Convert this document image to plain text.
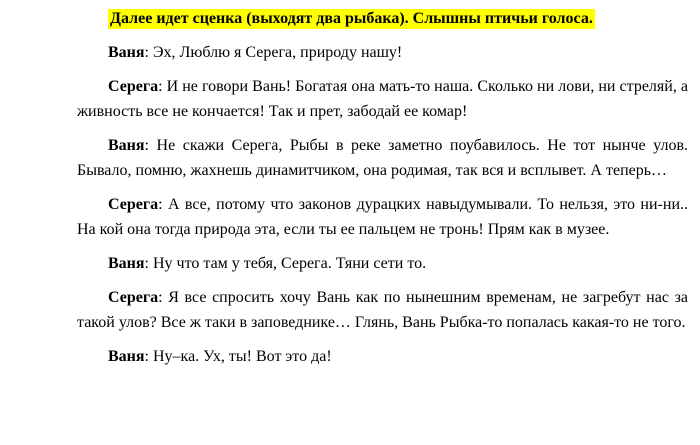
Далее идет сценка (выходят два рыбака). Слышны птичьи голоса.

Ваня: Эх, Люблю я Серега, природу нашу!

Серега: И не говори Вань! Богатая она мать-то наша. Сколько ни лови, ни стреляй, а живность все не кончается! Так и прет, забодай ее комар!

Ваня: Не скажи Серега, Рыбы в реке заметно поубавилось. Не тот нынче улов. Бывало, помню, жахнешь динамитчиком, она родимая, так вся и всплывет. А теперь…

Серега: А все, потому что законов дурацких навыдумывали. То нельзя, это ни-ни.. На кой она тогда природа эта, если ты ее пальцем не тронь! Прям как в музее.

Ваня: Ну что там у тебя, Серега. Тяни сети то.

Серега: Я все спросить хочу Вань как по нынешним временам, не загребут нас за такой улов? Все ж таки в заповеднике… Глянь, Вань Рыбка-то попалась какая-то не того.

Ваня: Ну–ка. Ух, ты! Вот это да!
